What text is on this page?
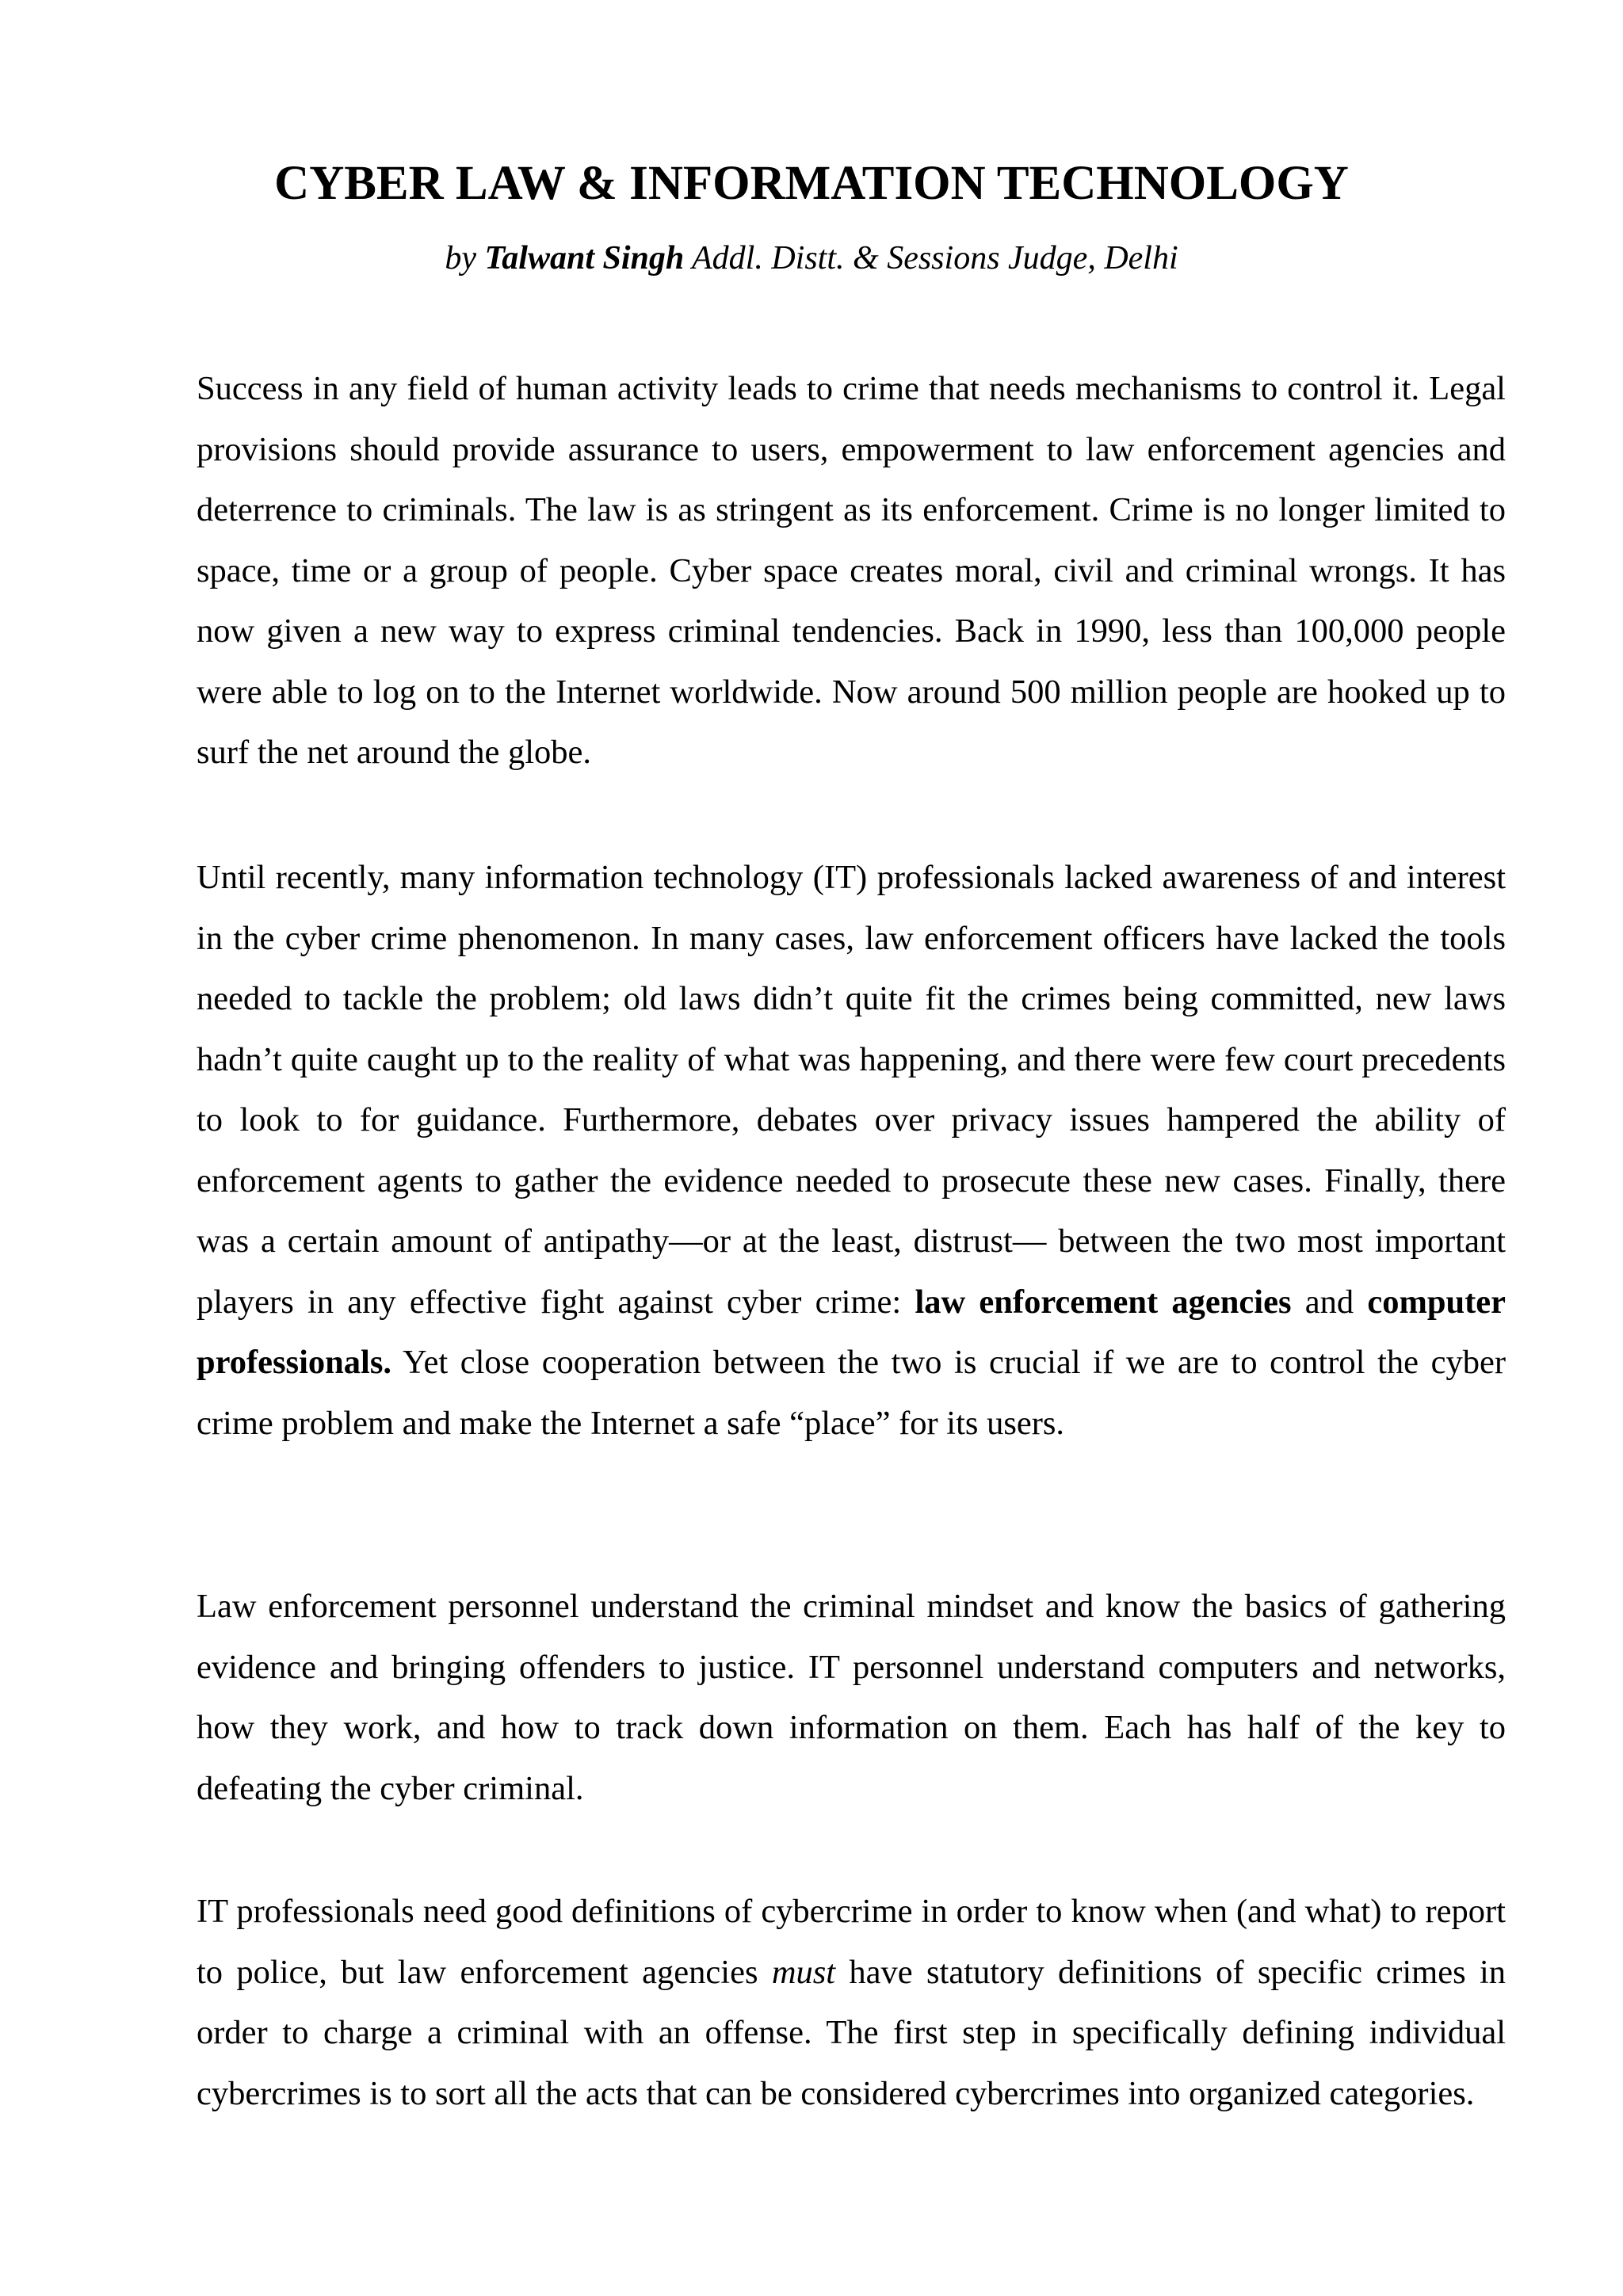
CYBER LAW & INFORMATION TECHNOLOGY

by Talwant Singh Addl. Distt. & Sessions Judge, Delhi

Success in any field of human activity leads to crime that needs mechanisms to control it. Legal provisions should provide assurance to users, empowerment to law enforcement agencies and deterrence to criminals. The law is as stringent as its enforcement. Crime is no longer limited to space, time or a group of people. Cyber space creates moral, civil and criminal wrongs. It has now given a new way to express criminal tendencies. Back in 1990, less than 100,000 people were able to log on to the Internet worldwide. Now around 500 million people are hooked up to surf the net around the globe.

Until recently, many information technology (IT) professionals lacked awareness of and interest in the cyber crime phenomenon. In many cases, law enforcement officers have lacked the tools needed to tackle the problem; old laws didn’t quite fit the crimes being committed, new laws hadn’t quite caught up to the reality of what was happening, and there were few court precedents to look to for guidance. Furthermore, debates over privacy issues hampered the ability of enforcement agents to gather the evidence needed to prosecute these new cases. Finally, there was a certain amount of antipathy—or at the least, distrust— between the two most important players in any effective fight against cyber crime: law enforcement agencies and computer professionals. Yet close cooperation between the two is crucial if we are to control the cyber crime problem and make the Internet a safe “place” for its users.

Law enforcement personnel understand the criminal mindset and know the basics of gathering evidence and bringing offenders to justice. IT personnel understand computers and networks, how they work, and how to track down information on them. Each has half of the key to defeating the cyber criminal.

IT professionals need good definitions of cybercrime in order to know when (and what) to report to police, but law enforcement agencies must have statutory definitions of specific crimes in order to charge a criminal with an offense. The first step in specifically defining individual cybercrimes is to sort all the acts that can be considered cybercrimes into organized categories.
